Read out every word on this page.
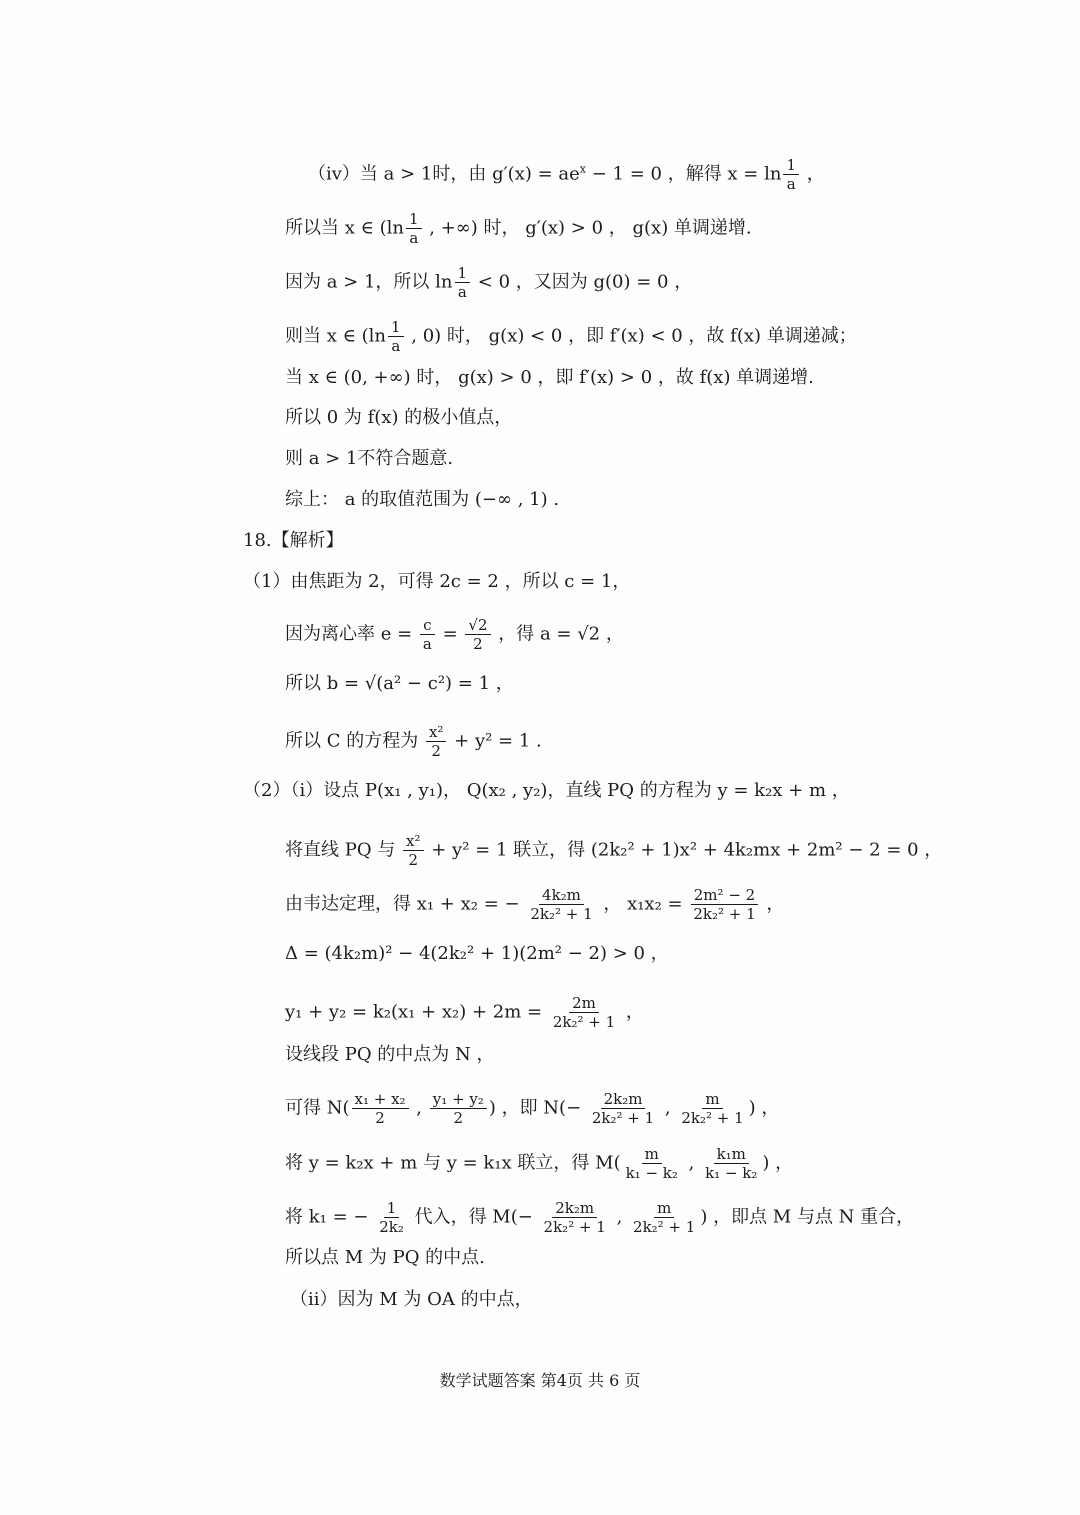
（iv）当 a > 1时，由 $g'(x) = ae^x - 1 = 0$ ，解得 $x = \ln \frac{1}{a}$ ，
所以当 x ∈ ($\ln \frac{1}{a}$ , +∞) 时， g′(x) > 0 ， g(x) 单调递增.
因为 a > 1，所以 $\ln \frac{1}{a} < 0$ ，又因为 g(0) = 0 ，
则当 x ∈ ($\ln \frac{1}{a}$ , 0) 时， g(x) < 0 ，即 f′(x) < 0 ，故 f(x) 单调递减；
当 x ∈ (0, +∞) 时， g(x) > 0 ，即 f′(x) > 0 ，故 f(x) 单调递增.
所以 0 为 f(x) 的极小值点，
则 a > 1不符合题意.
综上： a 的取值范围为 (−∞ , 1) .
18.【解析】
（1）由焦距为 2，可得 2c = 2 ，所以 c = 1，
因为离心率 $e = \frac{c}{a} = \frac{√2}{2}$ ，得 a = √2 ，
所以 b = √(a² − c²) = 1 ，
所以 C 的方程为 $\frac{\text{x²}}{2} + y^2 = 1$ .
（2）（i）设点 P(x₁ , y₁)， Q(x₂ , y₂)，直线 PQ 的方程为 y = k₂x + m ，
将直线 PQ 与 $\frac{\text{x²}}{2} + y^2 = 1$ 联立，得 (2k₂² + 1)x² + 4k₂mx + 2m² − 2 = 0 ，
由韦达定理，得 x₁ + x₂ = − $\frac{\text{4k₂m}}{\text{2k₂² + 1}}$ ， $x_1x_2 = \frac{\text{2m² − 2}}{\text{2k₂² + 1}}$ ，
Δ = (4k₂m)² − 4(2k₂² + 1)(2m² − 2) > 0 ，
$y_1 + y_2 = k_2(x_1 + x_2) + 2m = \frac{2m}{\text{2k₂² + 1}}$ ，
设线段 PQ 的中点为 N ，
可得 $N( \frac{\text{x₁ + x₂}}{2}$ , $\frac{\text{y₁ + y₂}}{2}$ ) ，即 $N(- \frac{\text{2k₂m}}{\text{2k₂² + 1}}$ , $\frac{m}{\text{2k₂² + 1}}$ ) ，
将 y = k₂x + m 与 y = k₁x 联立，得 $M( \frac{m}{\text{k₁ − k₂}}$ , $\frac{\text{k₁m}}{\text{k₁ − k₂}}$ ) ，
将 k₁ = − $\frac{1}{\text{2k₂}}$ 代入，得 $M(- \frac{\text{2k₂m}}{\text{2k₂² + 1}}$ , $\frac{m}{\text{2k₂² + 1}}$ ) ，即点 M 与点 N 重合，
所以点 M 为 PQ 的中点.
（ii）因为 M 为 OA 的中点，
数学试题答案 第4页 共 6 页
